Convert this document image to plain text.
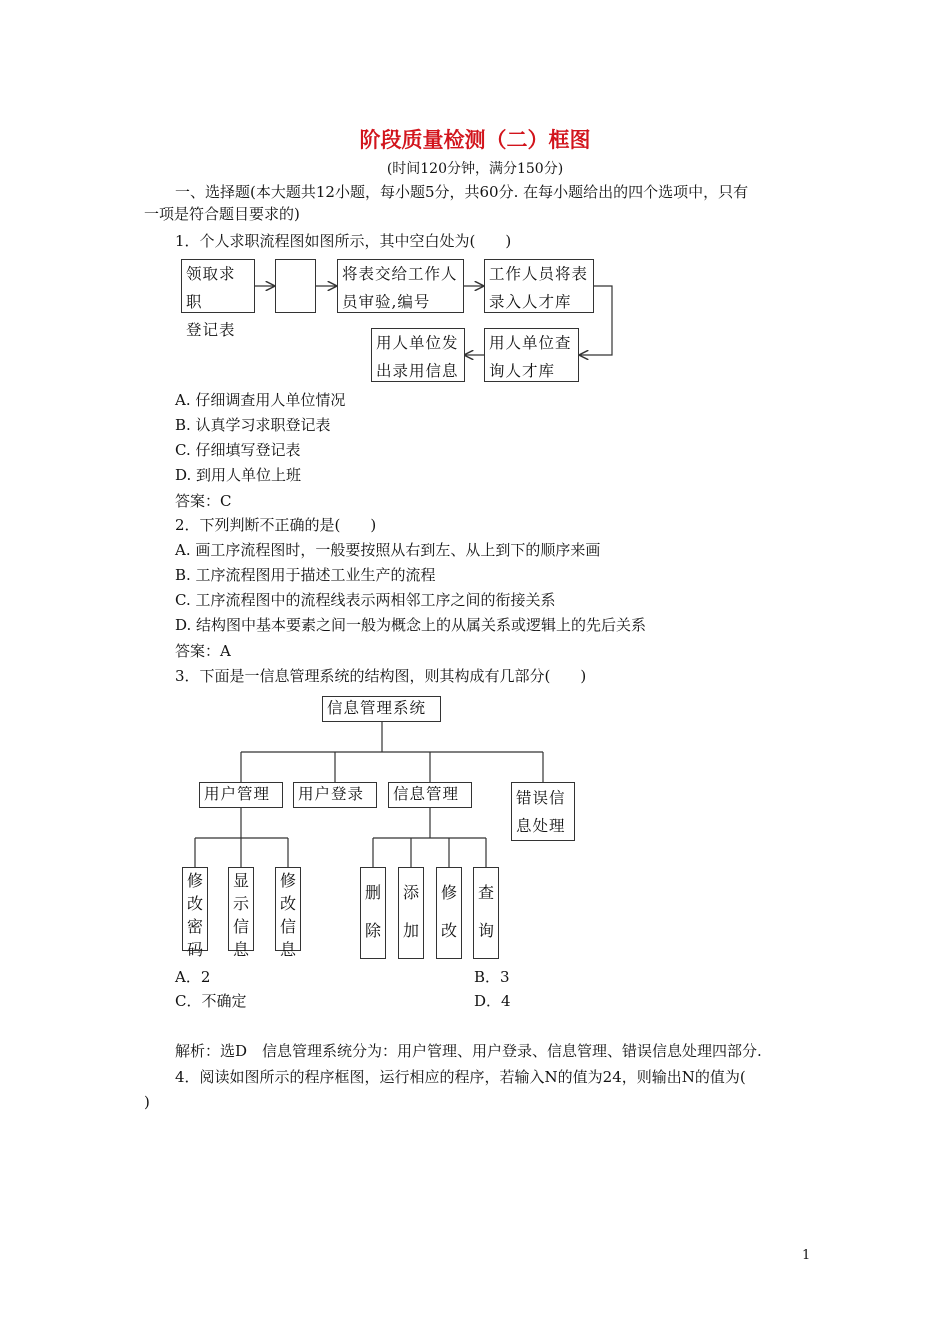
阶段质量检测（二）框图
(时间120分钟，满分150分)
一、选择题(本大题共12小题，每小题5分，共60分. 在每小题给出的四个选项中，只有
一项是符合题目要求的)
1．个人求职流程图如图所示，其中空白处为(　　)
领取求职
登记表
将表交给工作人
员审验,编号
工作人员将表
录入人才库
用人单位查
询人才库
用人单位发
出录用信息
A. 仔细调查用人单位情况
B. 认真学习求职登记表
C. 仔细填写登记表
D. 到用人单位上班
答案：C
2．下列判断不正确的是(　　)
A. 画工序流程图时，一般要按照从右到左、从上到下的顺序来画
B. 工序流程图用于描述工业生产的流程
C. 工序流程图中的流程线表示两相邻工序之间的衔接关系
D. 结构图中基本要素之间一般为概念上的从属关系或逻辑上的先后关系
答案：A
3．下面是一信息管理系统的结构图，则其构成有几部分(　　)
信息管理系统
用户管理	用户登录	信息管理	错误信
息处理
修
改
密
码
显
示
信
息
修
改
信
息
删
除
添
加
修
改
查
询
A．2	B．3
C．不确定	D．4
解析：选D　信息管理系统分为：用户管理、用户登录、信息管理、错误信息处理四部分.
4．阅读如图所示的程序框图，运行相应的程序，若输入N的值为24，则输出N的值为(
)
1
